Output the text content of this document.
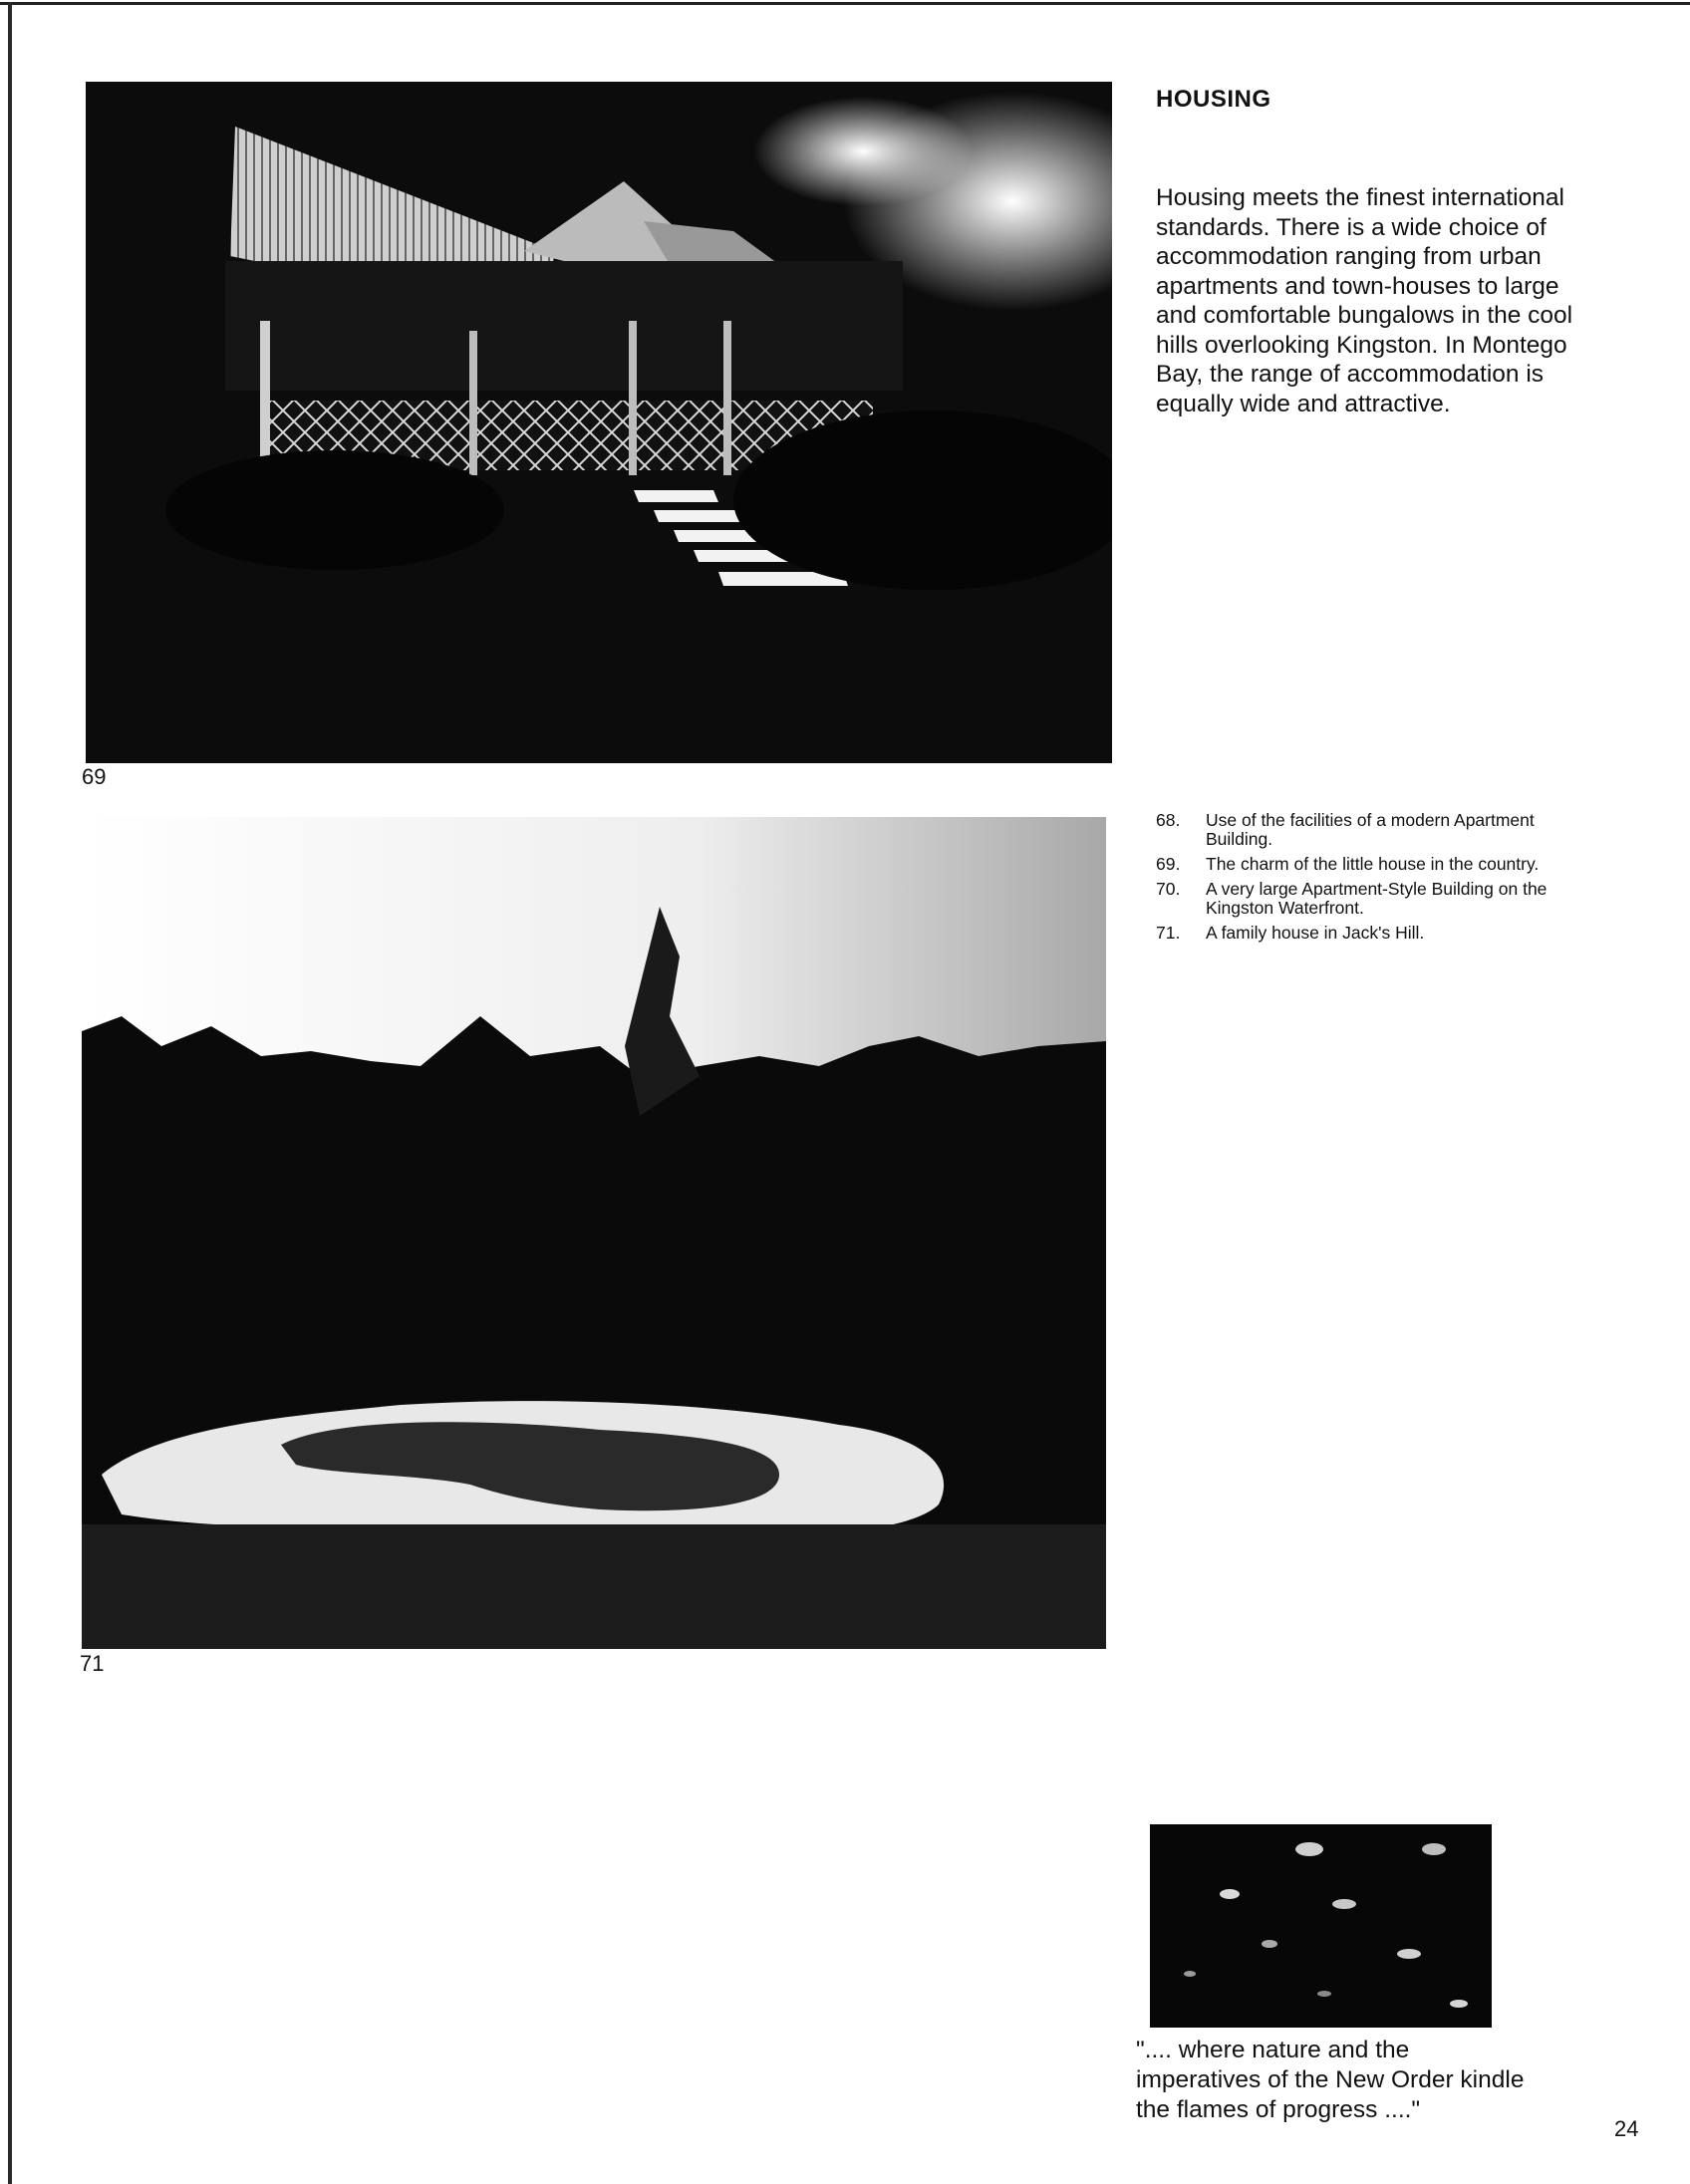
69
71
HOUSING
Housing meets the finest international standards. There is a wide choice of accommodation ranging from urban apartments and town-houses to large and comfortable bungalows in the cool hills overlooking Kingston. In Montego Bay, the range of accommodation is equally wide and attractive.
68.	Use of the facilities of a modern Apartment Building.
69.	The charm of the little house in the country.
70.	A very large Apartment-Style Building on the Kingston Waterfront.
71.	A family house in Jack's Hill.
".... where nature and the imperatives of the New Order kindle the flames of progress ...."
24
